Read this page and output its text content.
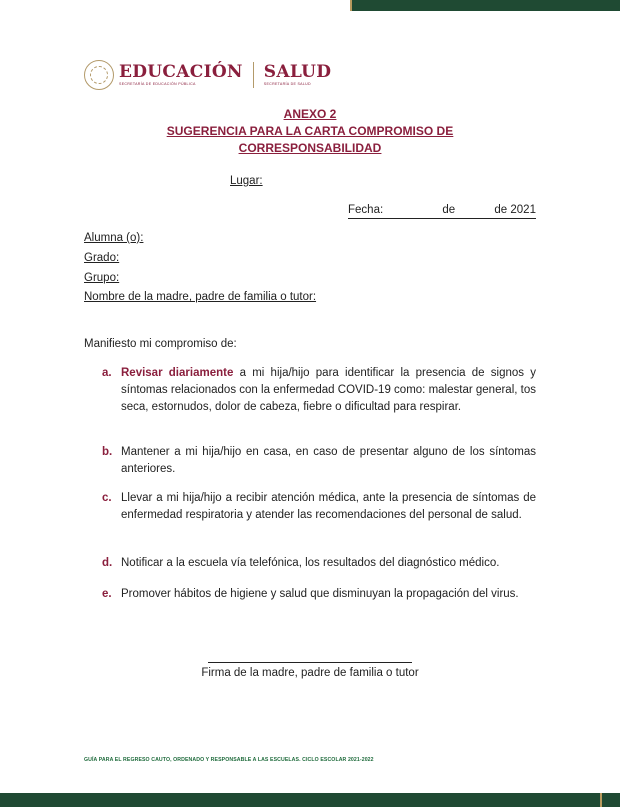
EDUCACIÓN
SECRETARÍA DE EDUCACIÓN PÚBLICA
SALUD
SECRETARÍA DE SALUD
ANEXO 2
SUGERENCIA PARA LA CARTA COMPROMISO DE
CORRESPONSABILIDAD
Lugar:
Fecha:	de	de 2021
Alumna (o):
Grado:
Grupo:
Nombre de la madre, padre de familia o tutor:
Manifiesto mi compromiso de:
a. Revisar diariamente a mi hija/hijo para identificar la presencia de signos y síntomas relacionados con la enfermedad COVID-19 como: malestar general, tos seca, estornudos, dolor de cabeza, fiebre o dificultad para respirar.
b. Mantener a mi hija/hijo en casa, en caso de presentar alguno de los síntomas anteriores.
c. Llevar a mi hija/hijo a recibir atención médica, ante la presencia de síntomas de enfermedad respiratoria y atender las recomendaciones del personal de salud.
d. Notificar a la escuela vía telefónica, los resultados del diagnóstico médico.
e. Promover hábitos de higiene y salud que disminuyan la propagación del virus.
Firma de la madre, padre de familia o tutor
GUÍA PARA EL REGRESO CAUTO, ORDENADO Y RESPONSABLE A LAS ESCUELAS. CICLO ESCOLAR 2021-2022
